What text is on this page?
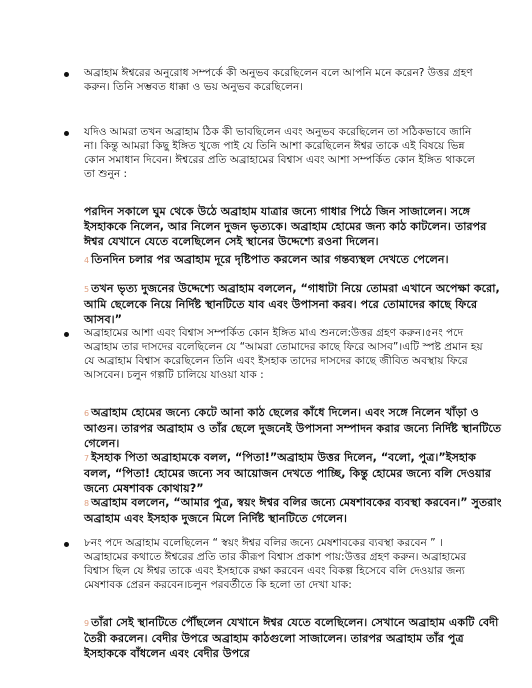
অব্রাহাম ঈশ্বরের অনুরোধ সম্পর্কে কী অনুভব করেছিলেন বলে আপনি মনে করেন? উত্তর গ্রহণ করুন। তিনি সম্ভবত ধাক্কা ও ভয় অনুভব করেছিলেন।

যদিও আমরা তখন অব্রাহাম ঠিক কী ভাবছিলেন এবং অনুভব করেছিলেন তা সঠিকভাবে জানি না। কিন্তু আমরা কিছু ইঙ্গিত খুজে পাই যে তিনি আশা করেছিলেন ঈশ্বর তাকে এই বিষয়ে ভিন্ন কোন সমাধান দিবেন। ঈশ্বরের প্রতি অব্রাহামের বিশ্বাস এবং আশা সম্পর্কিত কোন ইঙ্গিত থাকলে তা শুনুন :

পরদিন সকালে ঘুম থেকে উঠে অব্রাহাম যাত্রার জন্যে গাধার পিঠে জিন সাজালেন। সঙ্গে ইসহাককে নিলেন, আর নিলেন দুজন ভৃত্যকে। অব্রাহাম হোমের জন্য কাঠ কাটলেন। তারপর ঈশ্বর যেখানে যেতে বলেছিলেন সেই স্থানের উদ্দেশ্যে রওনা দিলেন।

4 তিনদিন চলার পর অব্রাহাম দূরে দৃষ্টিপাত করলেন আর গন্তব্যস্থল দেখতে পেলেন।

5 তখন ভৃত্য দুজনের উদ্দেশ্যে অব্রাহাম বললেন, “গাধাটা নিয়ে তোমরা এখানে অপেক্ষা করো, আমি ছেলেকে নিয়ে নির্দিষ্ট স্থানটিতে যাব এবং উপাসনা করব। পরে তোমাদের কাছে ফিরে আসব।”

অব্রাহামের আশা এবং বিশ্বাস সম্পর্কিত কোন ইঙ্গিত মাএ শুনলে:উত্তর গ্রহণ করুন।৫নং পদে অব্রাহাম তার দাসদের বলেছিলেন যে “আমরা তোমাদের কাছে ফিরে আসব”।এটি স্পষ্ট প্রমান হয় যে অব্রাহাম বিশ্বাস করেছিলেন তিনি এবং ইসহাক তাদের দাসদের কাছে জীবিত অবস্থায় ফিরে আসবেন। চলুন গল্পটি চালিয়ে যাওয়া যাক :

6 অব্রাহাম হোমের জন্যে কেটে আনা কাঠ ছেলের কাঁধে দিলেন। এবং সঙ্গে নিলেন খাঁড়া ও আগুন। তারপর অব্রাহাম ও তাঁর ছেলে দুজনেই উপাসনা সম্পাদন করার জন্যে নির্দিষ্ট স্থানটিতে গেলেন।

7 ইসহাক পিতা অব্রাহামকে বলল, “পিতা!”অব্রাহাম উত্তর দিলেন, “বলো, পুত্র।”ইসহাক বলল, “পিতা! হোমের জন্যে সব আয়োজন দেখতে পাচ্ছি, কিন্তু হোমের জন্যে বলি দেওয়ার জন্যে মেষশাবক কোথায়?”

8 অব্রাহাম বললেন, “আমার পুত্র, স্বয়ং ঈশ্বর বলির জন্যে মেষশাবকের ব্যবস্থা করবেন।” সুতরাং অব্রাহাম এবং ইসহাক দুজনে মিলে নির্দিষ্ট স্থানটিতে গেলেন।

৮নং পদে অব্রাহাম বলেছিলেন “ স্বয়ং ঈশ্বর বলির জন্যে মেষশাবকের ব্যবস্থা করবেন ” । অব্রাহামের কথাতে ঈশ্বরের প্রতি তার কীরূপ বিশ্বাস প্রকাশ পায়:উত্তর গ্রহণ করুন। অব্রাহামের বিশ্বাস ছিল যে ঈশ্বর তাকে এবং ইসহাকে রক্ষা করবেন এবং বিকল্প হিসেবে বলি দেওয়ার জন্য মেষশাবক প্রেরন করবেন।চলুন পরবর্তীতে কি হলো তা দেখা যাক:

9 তাঁরা সেই স্থানটিতে পৌঁছলেন যেখানে ঈশ্বর যেতে বলেছিলেন। সেখানে অব্রাহাম একটি বেদী তৈরী করলেন। বেদীর উপরে অব্রাহাম কাঠগুলো সাজালেন। তারপর অব্রাহাম তাঁর পুত্র ইসহাককে বাঁধলেন এবং বেদীর উপরে
